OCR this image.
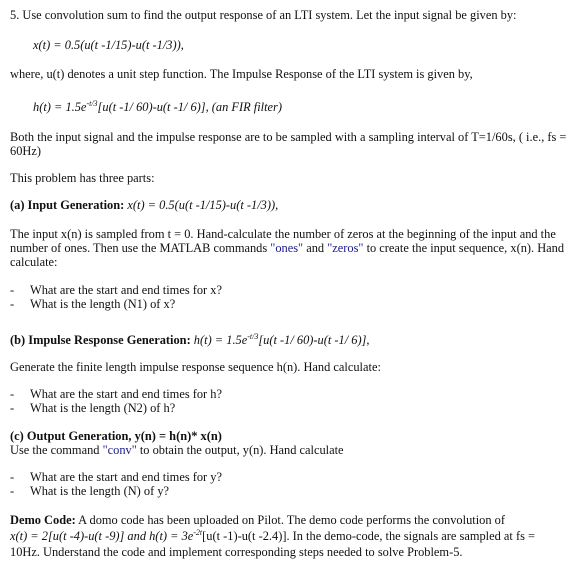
5. Use convolution sum to find the output response of an LTI system. Let the input signal be given by:
x(t) = 0.5(u(t -1/15)-u(t -1/3)),
where, u(t) denotes a unit step function. The Impulse Response of the LTI system is given by,
$h(t) = 1.5e^{-t/3}[u(t$ -1/ 60)-u(t -1/ 6)], (an FIR filter)
Both the input signal and the impulse response are to be sampled with a sampling interval of T=1/60s, ( i.e., fs =
60Hz)
This problem has three parts:
(a) Input Generation: x(t) = 0.5(u(t -1/15)-u(t -1/3)),
The input x(n) is sampled from t = 0. Hand-calculate the number of zeros at the beginning of the input and the
number of ones. Then use the MATLAB commands "ones" and "zeros" to create the input sequence, x(n). Hand
calculate:
- What are the start and end times for x?
- What is the length (N1) of x?
(b) Impulse Response Generation: $h(t) = 1.5e^{-t/3}[u(t$ -1/ 60)-u(t -1/ 6)],
Generate the finite length impulse response sequence h(n). Hand calculate:
- What are the start and end times for h?
- What is the length (N2) of h?
(c) Output Generation, y(n) = h(n)* x(n)
Use the command "conv" to obtain the output, y(n). Hand calculate
- What are the start and end times for y?
- What is the length (N) of y?
Demo Code: A domo code has been uploaded on Pilot. The demo code performs the convolution of
x(t) = 2[u(t -4)-u(t -9)] and $h(t) = 3e^{-2t}[u(t$ -1)-u(t -2.4)]. In the demo-code, the signals are sampled at fs =
10Hz. Understand the code and implement corresponding steps needed to solve Problem-5.
